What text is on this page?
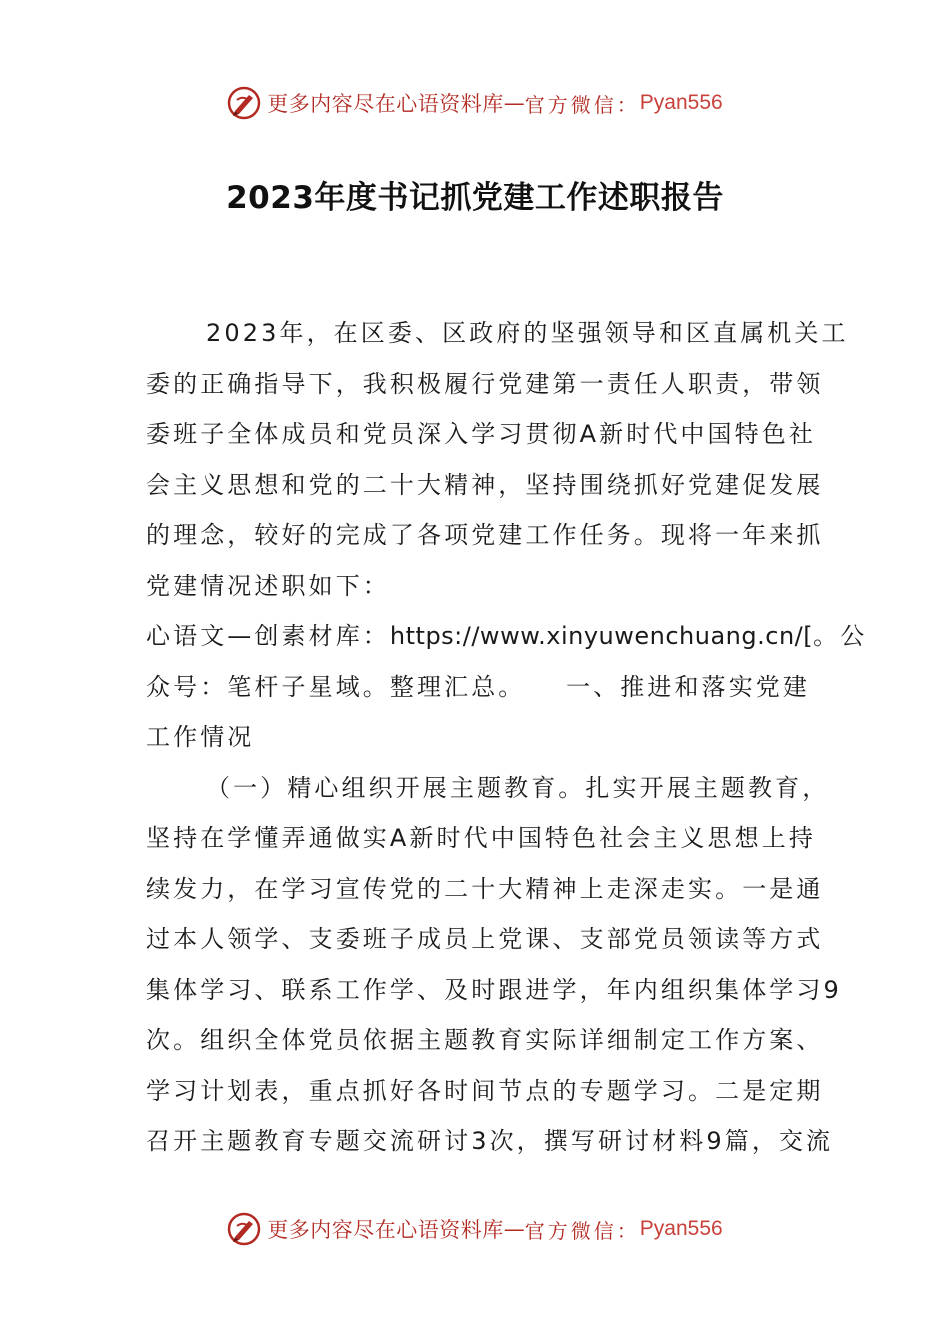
更多内容尽在心语资料库 — 官方微信： Pyan556
2023年度书记抓党建工作述职报告
2023年，在区委、区政府的坚强领导和区直属机关工
委的正确指导下，我积极履行党建第一责任人职责，带领
委班子全体成员和党员深入学习贯彻A新时代中国特色社
会主义思想和党的二十大精神，坚持围绕抓好党建促发展
的理念，较好的完成了各项党建工作任务。现将一年来抓
党建情况述职如下：
心语文—创素材库： https://www.xinyuwenchuang.cn/[ 。公
众号：笔杆子星域。整理汇总。 一、推进和落实党建
工作情况
（一）精心组织开展主题教育。扎实开展主题教育，
坚持在学懂弄通做实A新时代中国特色社会主义思想上持
续发力，在学习宣传党的二十大精神上走深走实。一是通
过本人领学、支委班子成员上党课、支部党员领读等方式
集体学习、联系工作学、及时跟进学，年内组织集体学习9
次。组织全体党员依据主题教育实际详细制定工作方案、
学习计划表，重点抓好各时间节点的专题学习。二是定期
召开主题教育专题交流研讨3次，撰写研讨材料9篇，交流
更多内容尽在心语资料库 — 官方微信： Pyan556
